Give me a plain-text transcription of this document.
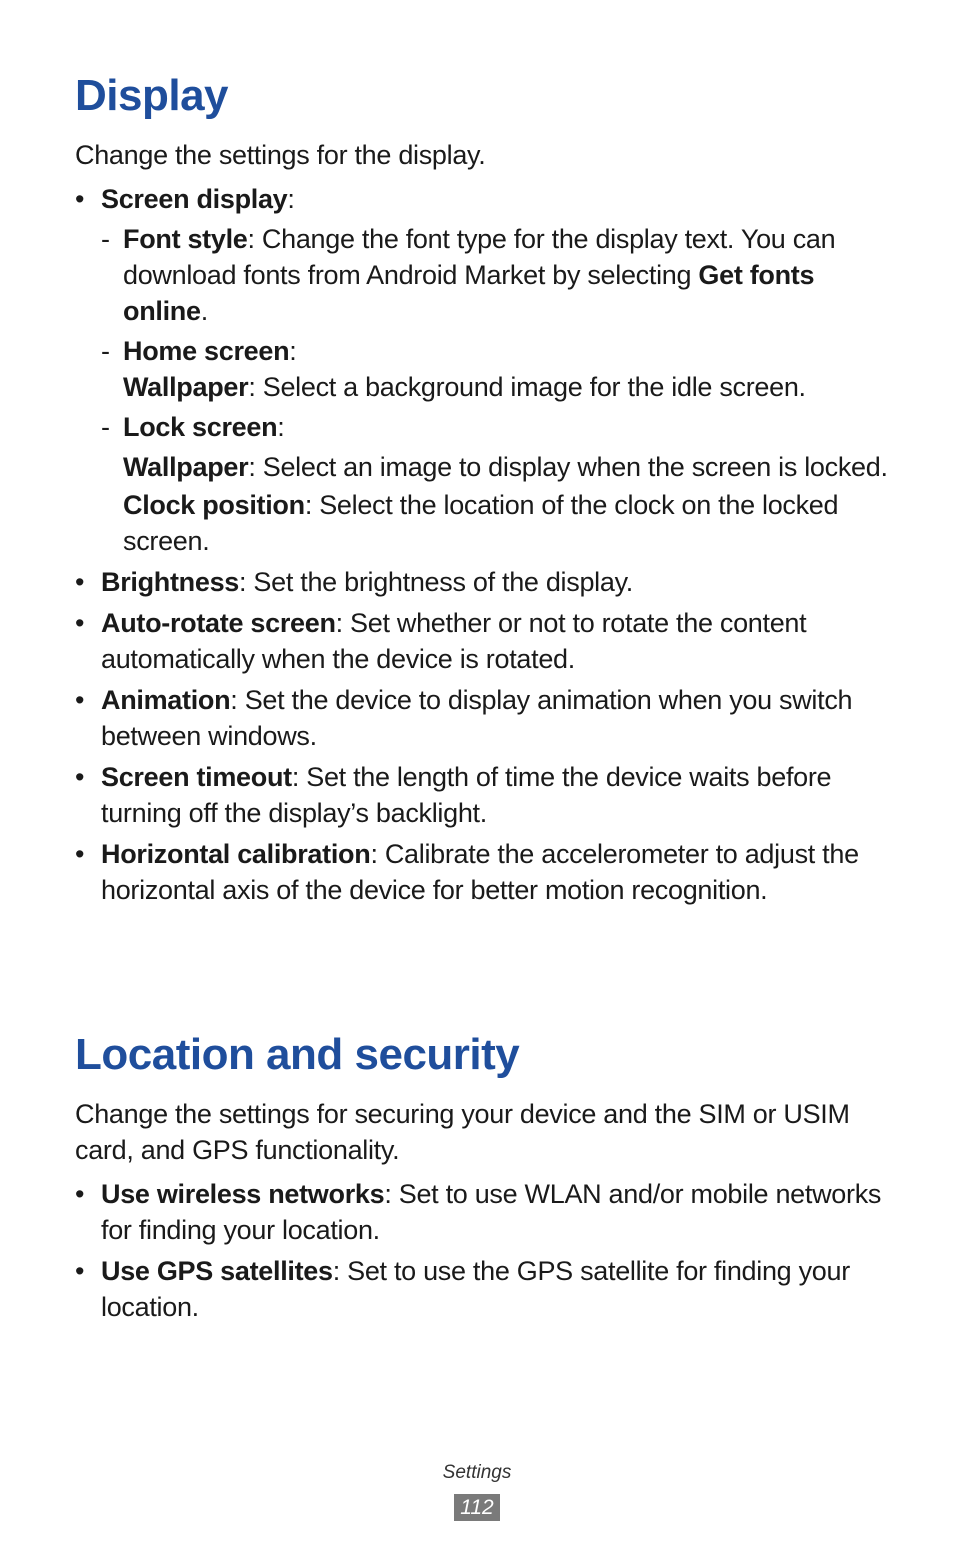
Display

Change the settings for the display.

• Screen display:
- Font style: Change the font type for the display text. You can download fonts from Android Market by selecting Get fonts online.
- Home screen:
Wallpaper: Select a background image for the idle screen.
- Lock screen:
Wallpaper: Select an image to display when the screen is locked.
Clock position: Select the location of the clock on the locked screen.
• Brightness: Set the brightness of the display.
• Auto-rotate screen: Set whether or not to rotate the content automatically when the device is rotated.
• Animation: Set the device to display animation when you switch between windows.
• Screen timeout: Set the length of time the device waits before turning off the display’s backlight.
• Horizontal calibration: Calibrate the accelerometer to adjust the horizontal axis of the device for better motion recognition.
Location and security

Change the settings for securing your device and the SIM or USIM card, and GPS functionality.

• Use wireless networks: Set to use WLAN and/or mobile networks for finding your location.
• Use GPS satellites: Set to use the GPS satellite for finding your location.
Settings
112
